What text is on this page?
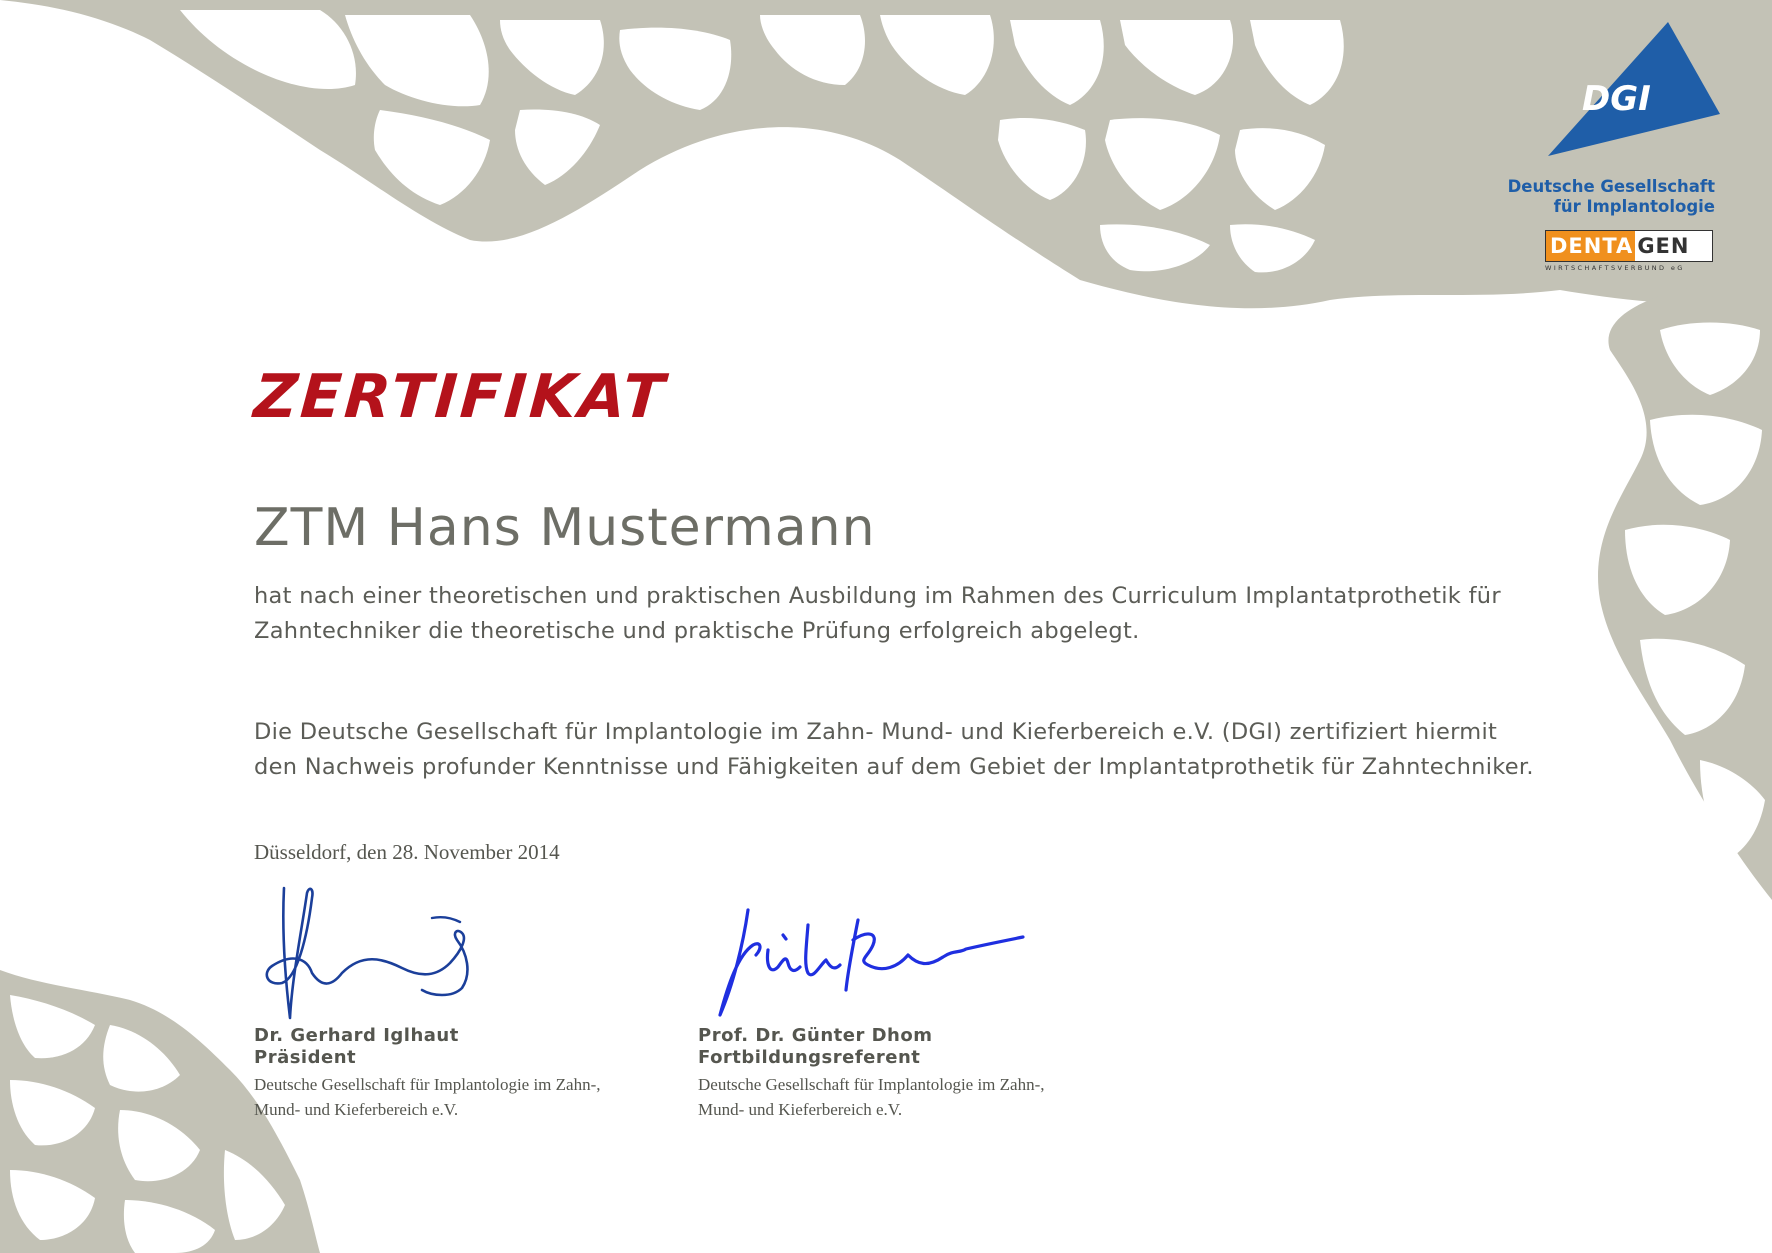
DGI
Deutsche Gesellschaft
für Implantologie
DENTA GEN
WIRTSCHAFTSVERBUND eG
ZERTIFIKAT
ZTM Hans Mustermann

hat nach einer theoretischen und praktischen Ausbildung im Rahmen des Curriculum Implantatprothetik für Zahntechniker die theoretische und praktische Prüfung erfolgreich abgelegt.

Die Deutsche Gesellschaft für Implantologie im Zahn- Mund- und Kieferbereich e.V. (DGI) zertifiziert hiermit den Nachweis profunder Kenntnisse und Fähigkeiten auf dem Gebiet der Implantatprothetik für Zahntechniker.

Düsseldorf, den 28. November 2014
Dr. Gerhard Iglhaut
Präsident
Deutsche Gesellschaft für Implantologie im Zahn-, Mund- und Kieferbereich e.V.
Prof. Dr. Günter Dhom
Fortbildungsreferent
Deutsche Gesellschaft für Implantologie im Zahn-, Mund- und Kieferbereich e.V.
